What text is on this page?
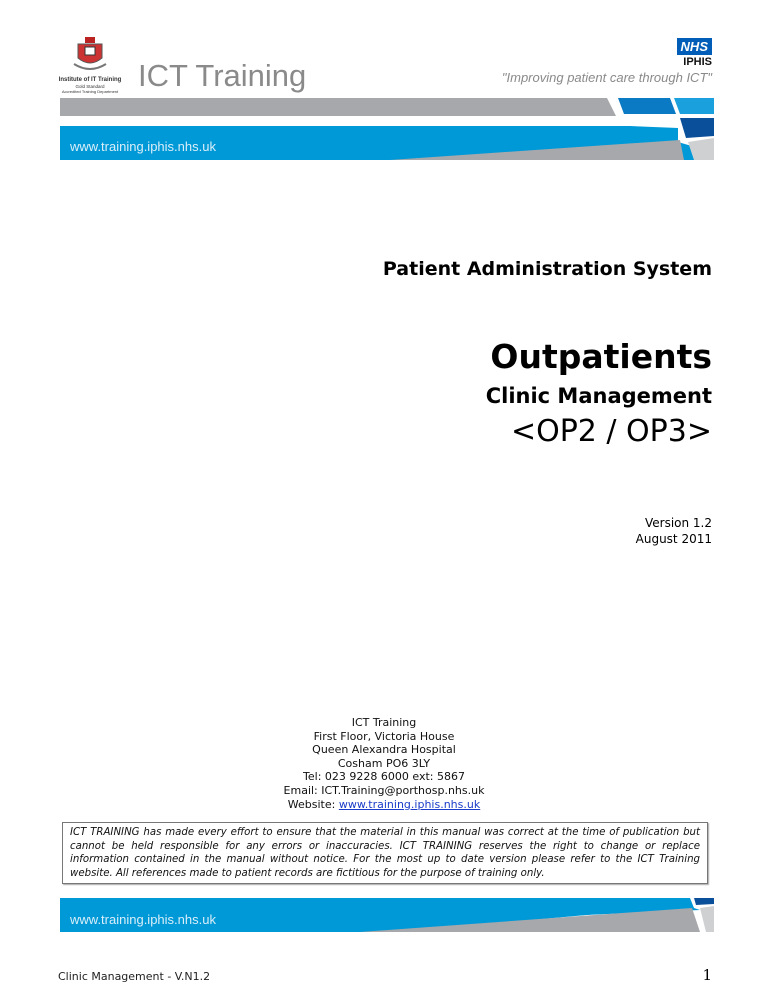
Institute of IT Training
Gold Standard
Accredited Training Department ICT Training
NHS
IPHIS
"Improving patient care through ICT"
www.training.iphis.nhs.uk
Patient Administration System
Outpatients
Clinic Management
<OP2 / OP3>
Version 1.2
August 2011
ICT Training
First Floor, Victoria House
Queen Alexandra Hospital
Cosham PO6 3LY
Tel: 023 9228 6000 ext: 5867
Email: ICT.Training@porthosp.nhs.uk
Website: www.training.iphis.nhs.uk
ICT TRAINING has made every effort to ensure that the material in this manual was correct at the time of publication but cannot be held responsible for any errors or inaccuracies. ICT TRAINING reserves the right to change or replace information contained in the manual without notice. For the most up to date version please refer to the ICT Training website. All references made to patient records are fictitious for the purpose of training only.
www.training.iphis.nhs.uk
Clinic Management - V.N1.2	1
